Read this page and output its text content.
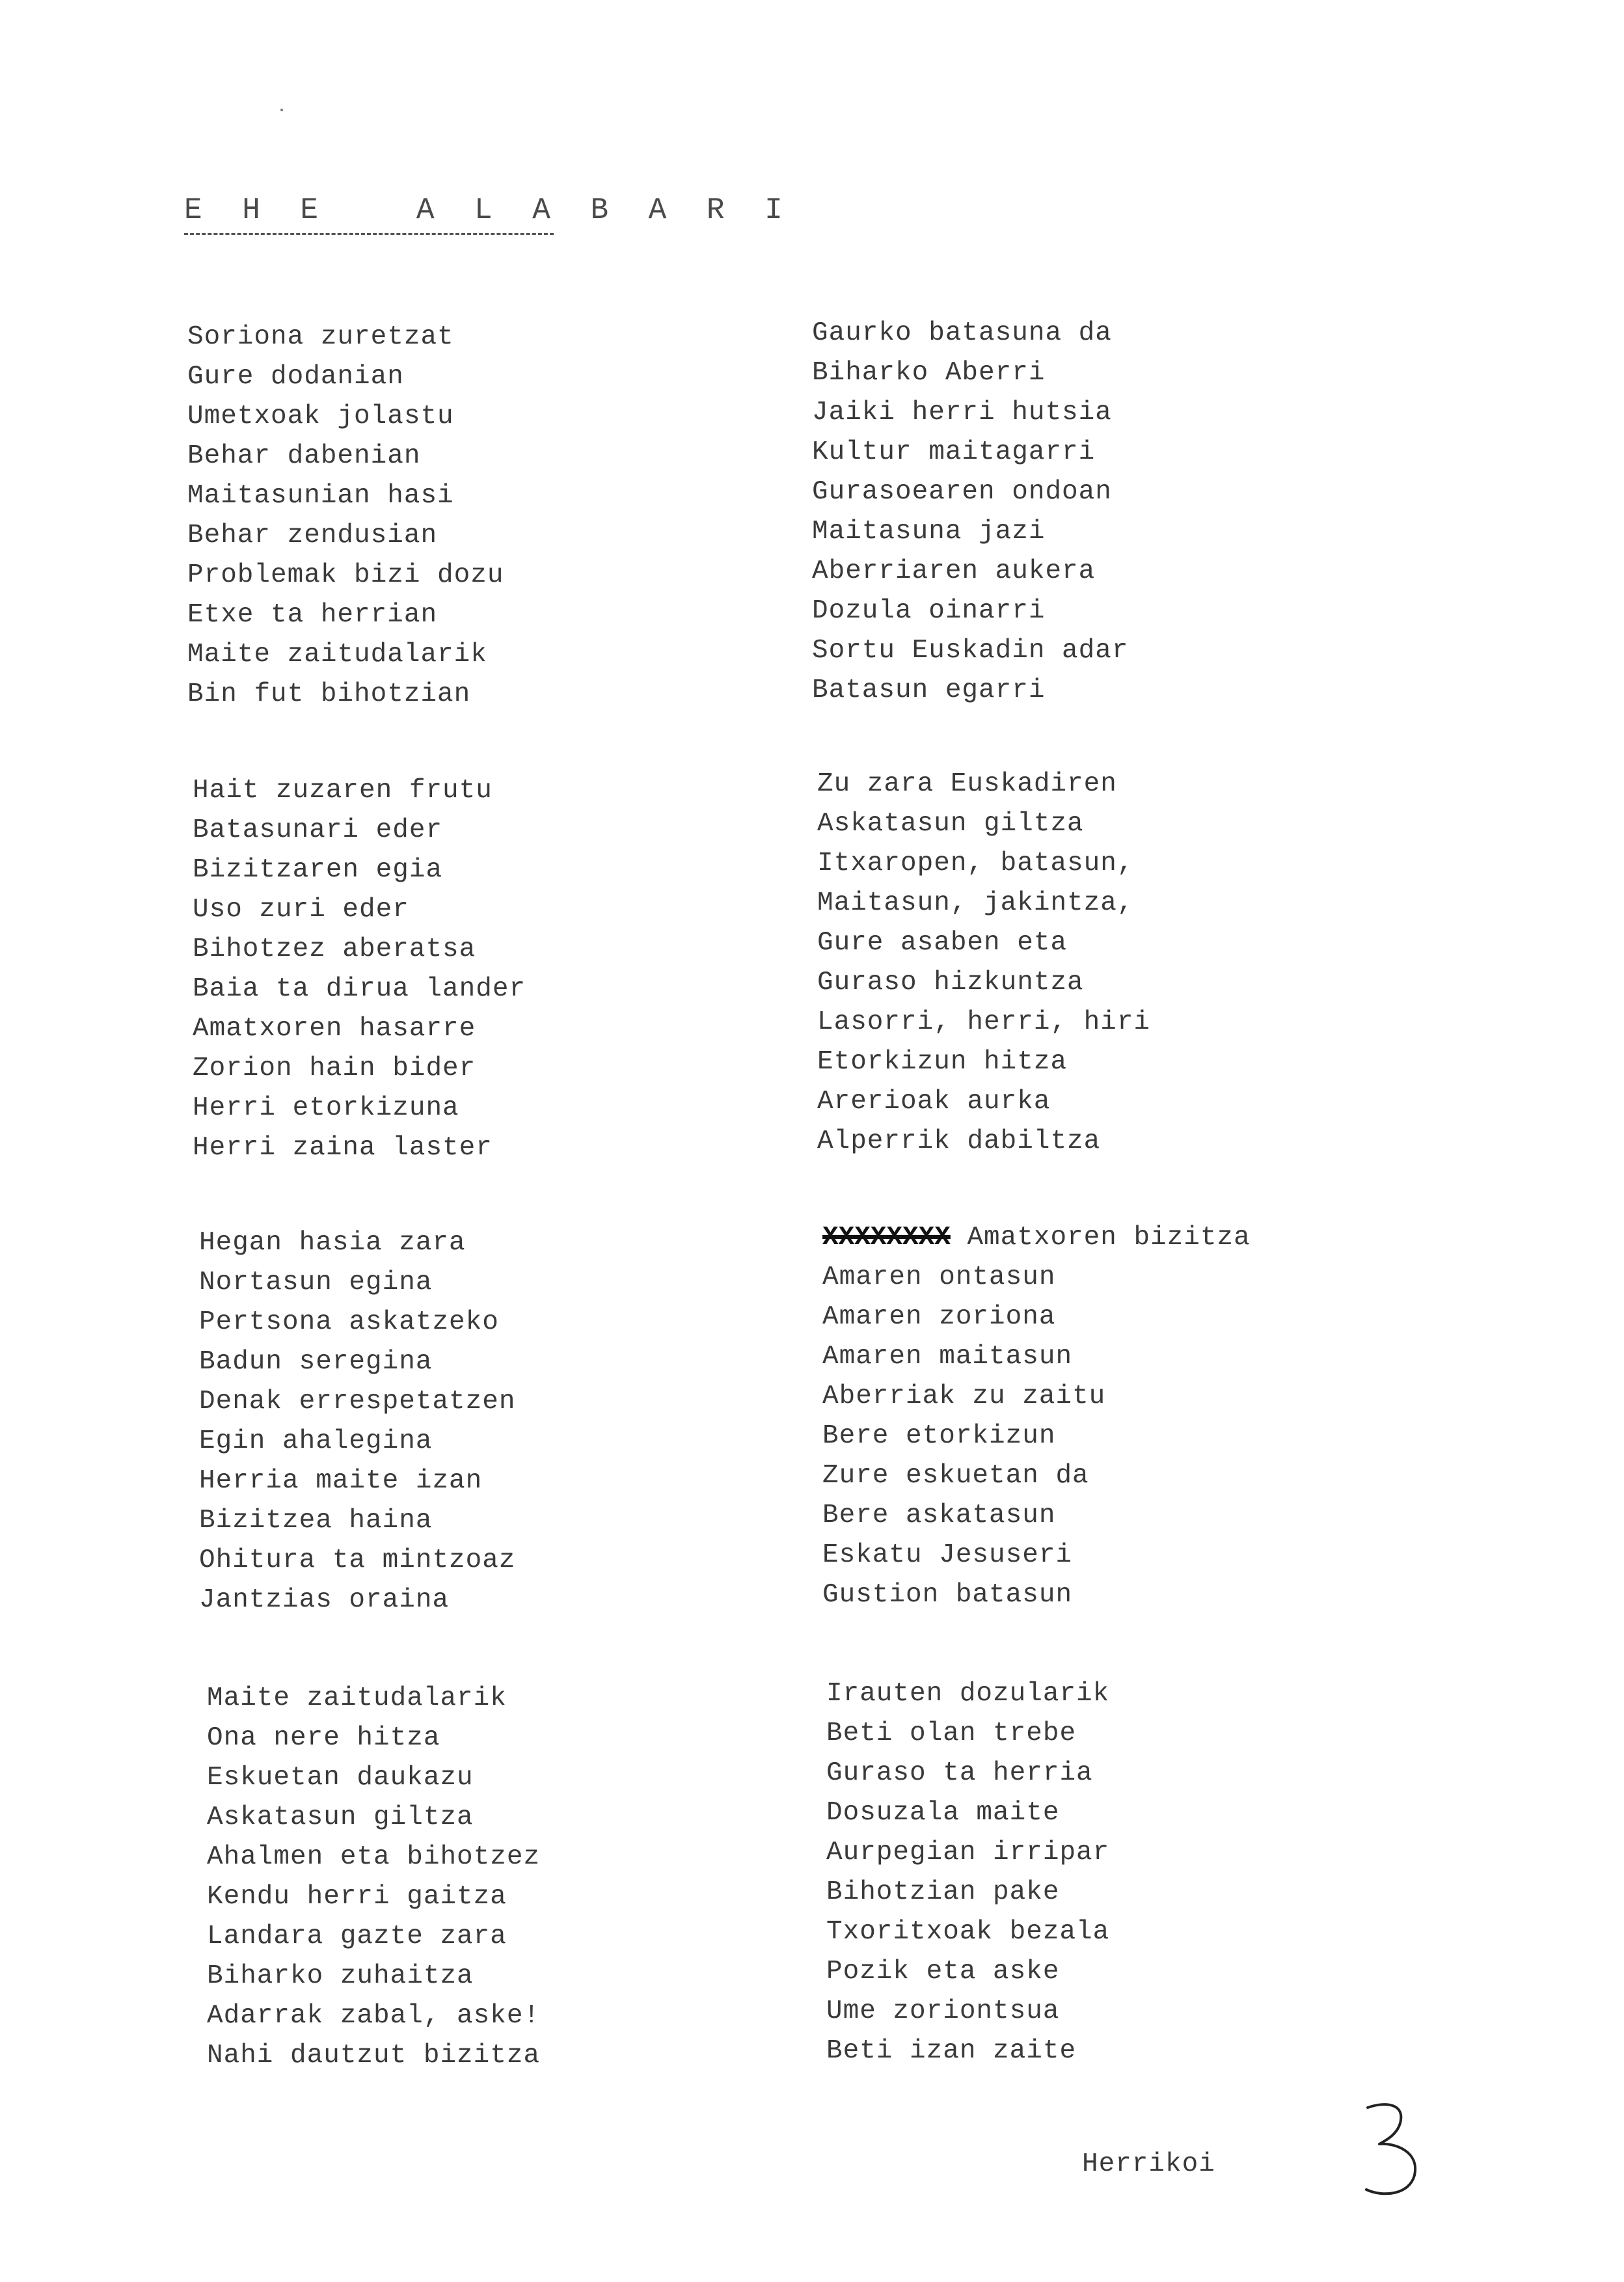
E H E   A L A B A R I
Soriona zuretzat
Gure dodanian
Umetxoak jolastu
Behar dabenian
Maitasunian hasi
Behar zendusian
Problemak bizi dozu
Etxe ta herrian
Maite zaitudalarik
Bin fut bihotzian
Hait zuzaren frutu
Batasunari eder
Bizitzaren egia
Uso zuri eder
Bihotzez aberatsa
Baia ta dirua lander
Amatxoren hasarre
Zorion hain bider
Herri etorkizuna
Herri zaina laster
Hegan hasia zara
Nortasun egina
Pertsona askatzeko
Badun seregina
Denak errespetatzen
Egin ahalegina
Herria maite izan
Bizitzea haina
Ohitura ta mintzoaz
Jantzias oraina
Maite zaitudalarik
Ona nere hitza
Eskuetan daukazu
Askatasun giltza
Ahalmen eta bihotzez
Kendu herri gaitza
Landara gazte zara
Biharko zuhaitza
Adarrak zabal, aske!
Nahi dautzut bizitza
Gaurko batasuna da
Biharko Aberri
Jaiki herri hutsia
Kultur maitagarri
Gurasoearen ondoan
Maitasuna jazi
Aberriaren aukera
Dozula oinarri
Sortu Euskadin adar
Batasun egarri
Zu zara Euskadiren
Askatasun giltza
Itxaropen, batasun,
Maitasun, jakintza,
Gure asaben eta
Guraso hizkuntza
Lasorri, herri, hiri
Etorkizun hitza
Arerioak aurka
Alperrik dabiltza
XXXXXXXX Amatxoren bizitza
Amaren ontasun
Amaren zoriona
Amaren maitasun
Aberriak zu zaitu
Bere etorkizun
Zure eskuetan da
Bere askatasun
Eskatu Jesuseri
Gustion batasun
Irauten dozularik
Beti olan trebe
Guraso ta herria
Dosuzala maite
Aurpegian irripar
Bihotzian pake
Txoritxoak bezala
Pozik eta aske
Ume zoriontsua
Beti izan zaite
Herrikoi
